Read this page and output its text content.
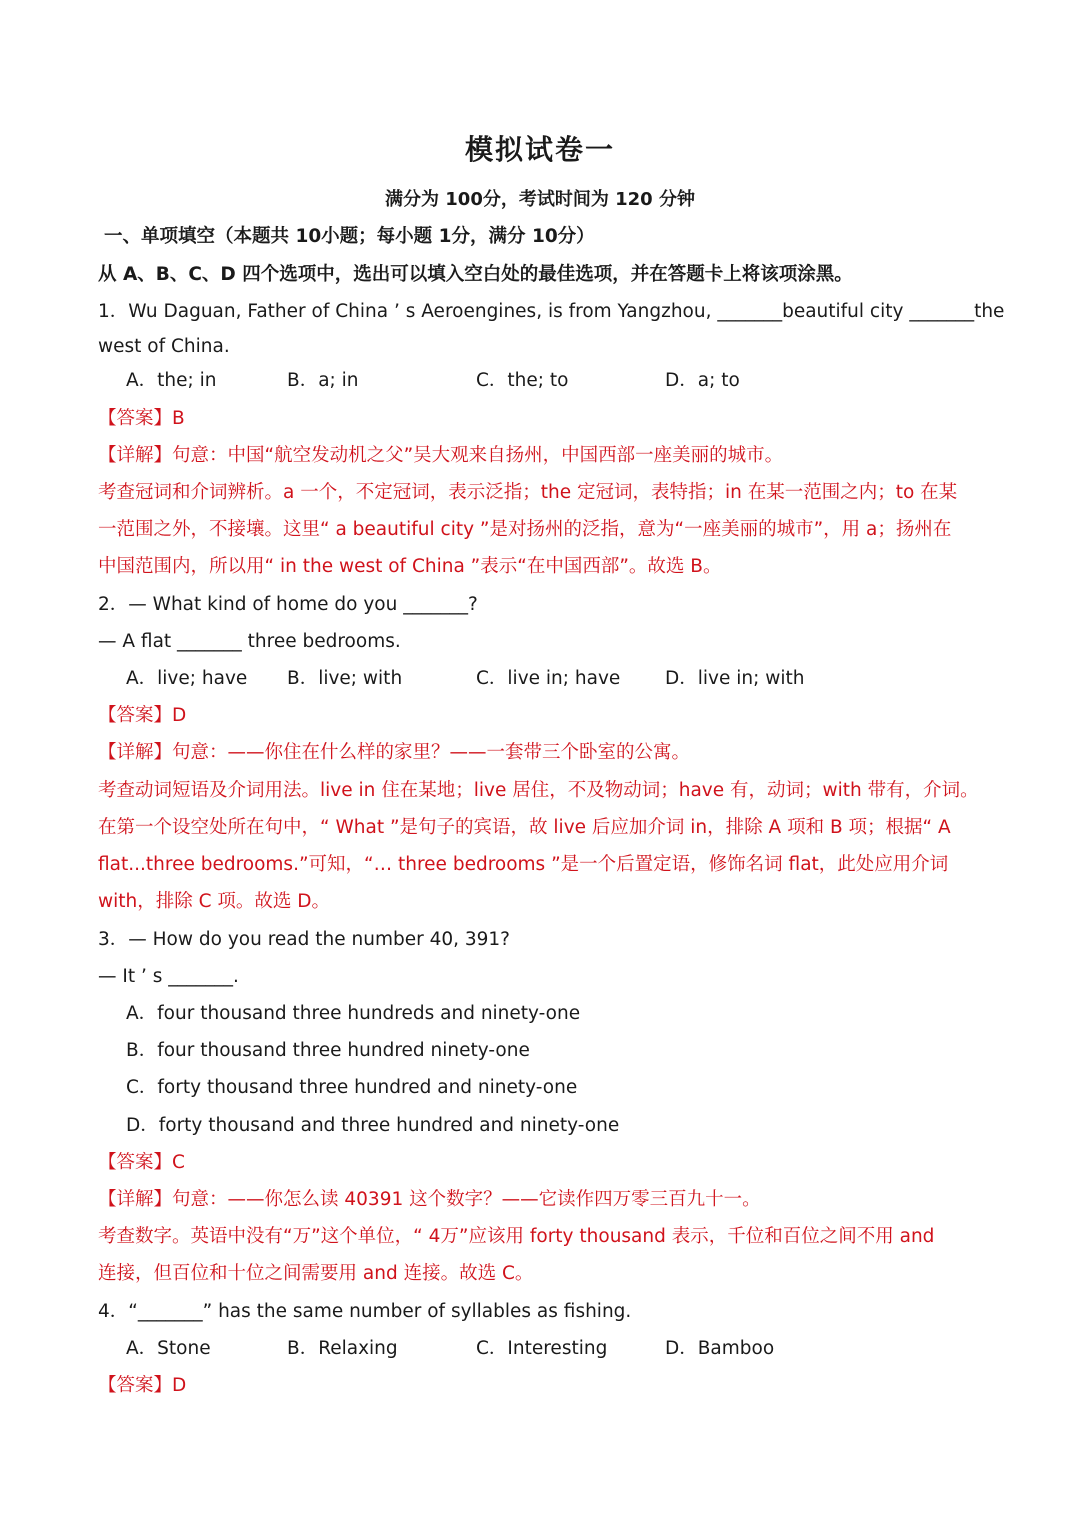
模拟试卷一
满分为 100分，考试时间为 120 分钟
一、单项填空（本题共 10小题；每小题 1分，满分 10分）
从 A、B、C、D 四个选项中，选出可以填入空白处的最佳选项，并在答题卡上将该项涂黑。
1．Wu Daguan, Father of China ’ s Aeroengines, is from Yangzhou, _______beautiful city _______the
west of China.
A．the; in	B．a; in	C．the; to	D．a; to
【答案】B
【详解】句意：中国“航空发动机之父”吴大观来自扬州，中国西部一座美丽的城市。
考查冠词和介词辨析。a 一个，不定冠词，表示泛指；the 定冠词，表特指；in 在某一范围之内；to 在某
一范围之外，不接壤。这里“ a beautiful city ”是对扬州的泛指，意为“一座美丽的城市”，用 a；扬州在
中国范围内，所以用“ in the west of China ”表示“在中国西部”。故选 B。
2．— What kind of home do you _______?
— A flat _______ three bedrooms.
A．live; have B．live; with	C．live in; have D．live in; with
【答案】D
【详解】句意：——你住在什么样的家里？——一套带三个卧室的公寓。
考查动词短语及介词用法。live in 住在某地；live 居住，不及物动词；have 有，动词；with 带有，介词。
在第一个设空处所在句中，“ What ”是句子的宾语，故 live 后应加介词 in，排除 A 项和 B 项；根据“ A
flat...three bedrooms.”可知，“… three bedrooms ”是一个后置定语，修饰名词 flat，此处应用介词
with，排除 C 项。故选 D。
3．— How do you read the number 40, 391?
— It ’ s _______.
A．four thousand three hundreds and ninety-one
B．four thousand three hundred ninety-one
C．forty thousand three hundred and ninety-one
D．forty thousand and three hundred and ninety-one
【答案】C
【详解】句意：——你怎么读 40391 这个数字？——它读作四万零三百九十一。
考查数字。英语中没有“万”这个单位，“ 4万”应该用 forty thousand 表示，千位和百位之间不用 and
连接，但百位和十位之间需要用 and 连接。故选 C。
4．“_______” has the same number of syllables as fishing.
A．Stone	B．Relaxing	C．Interesting	D．Bamboo
【答案】D
